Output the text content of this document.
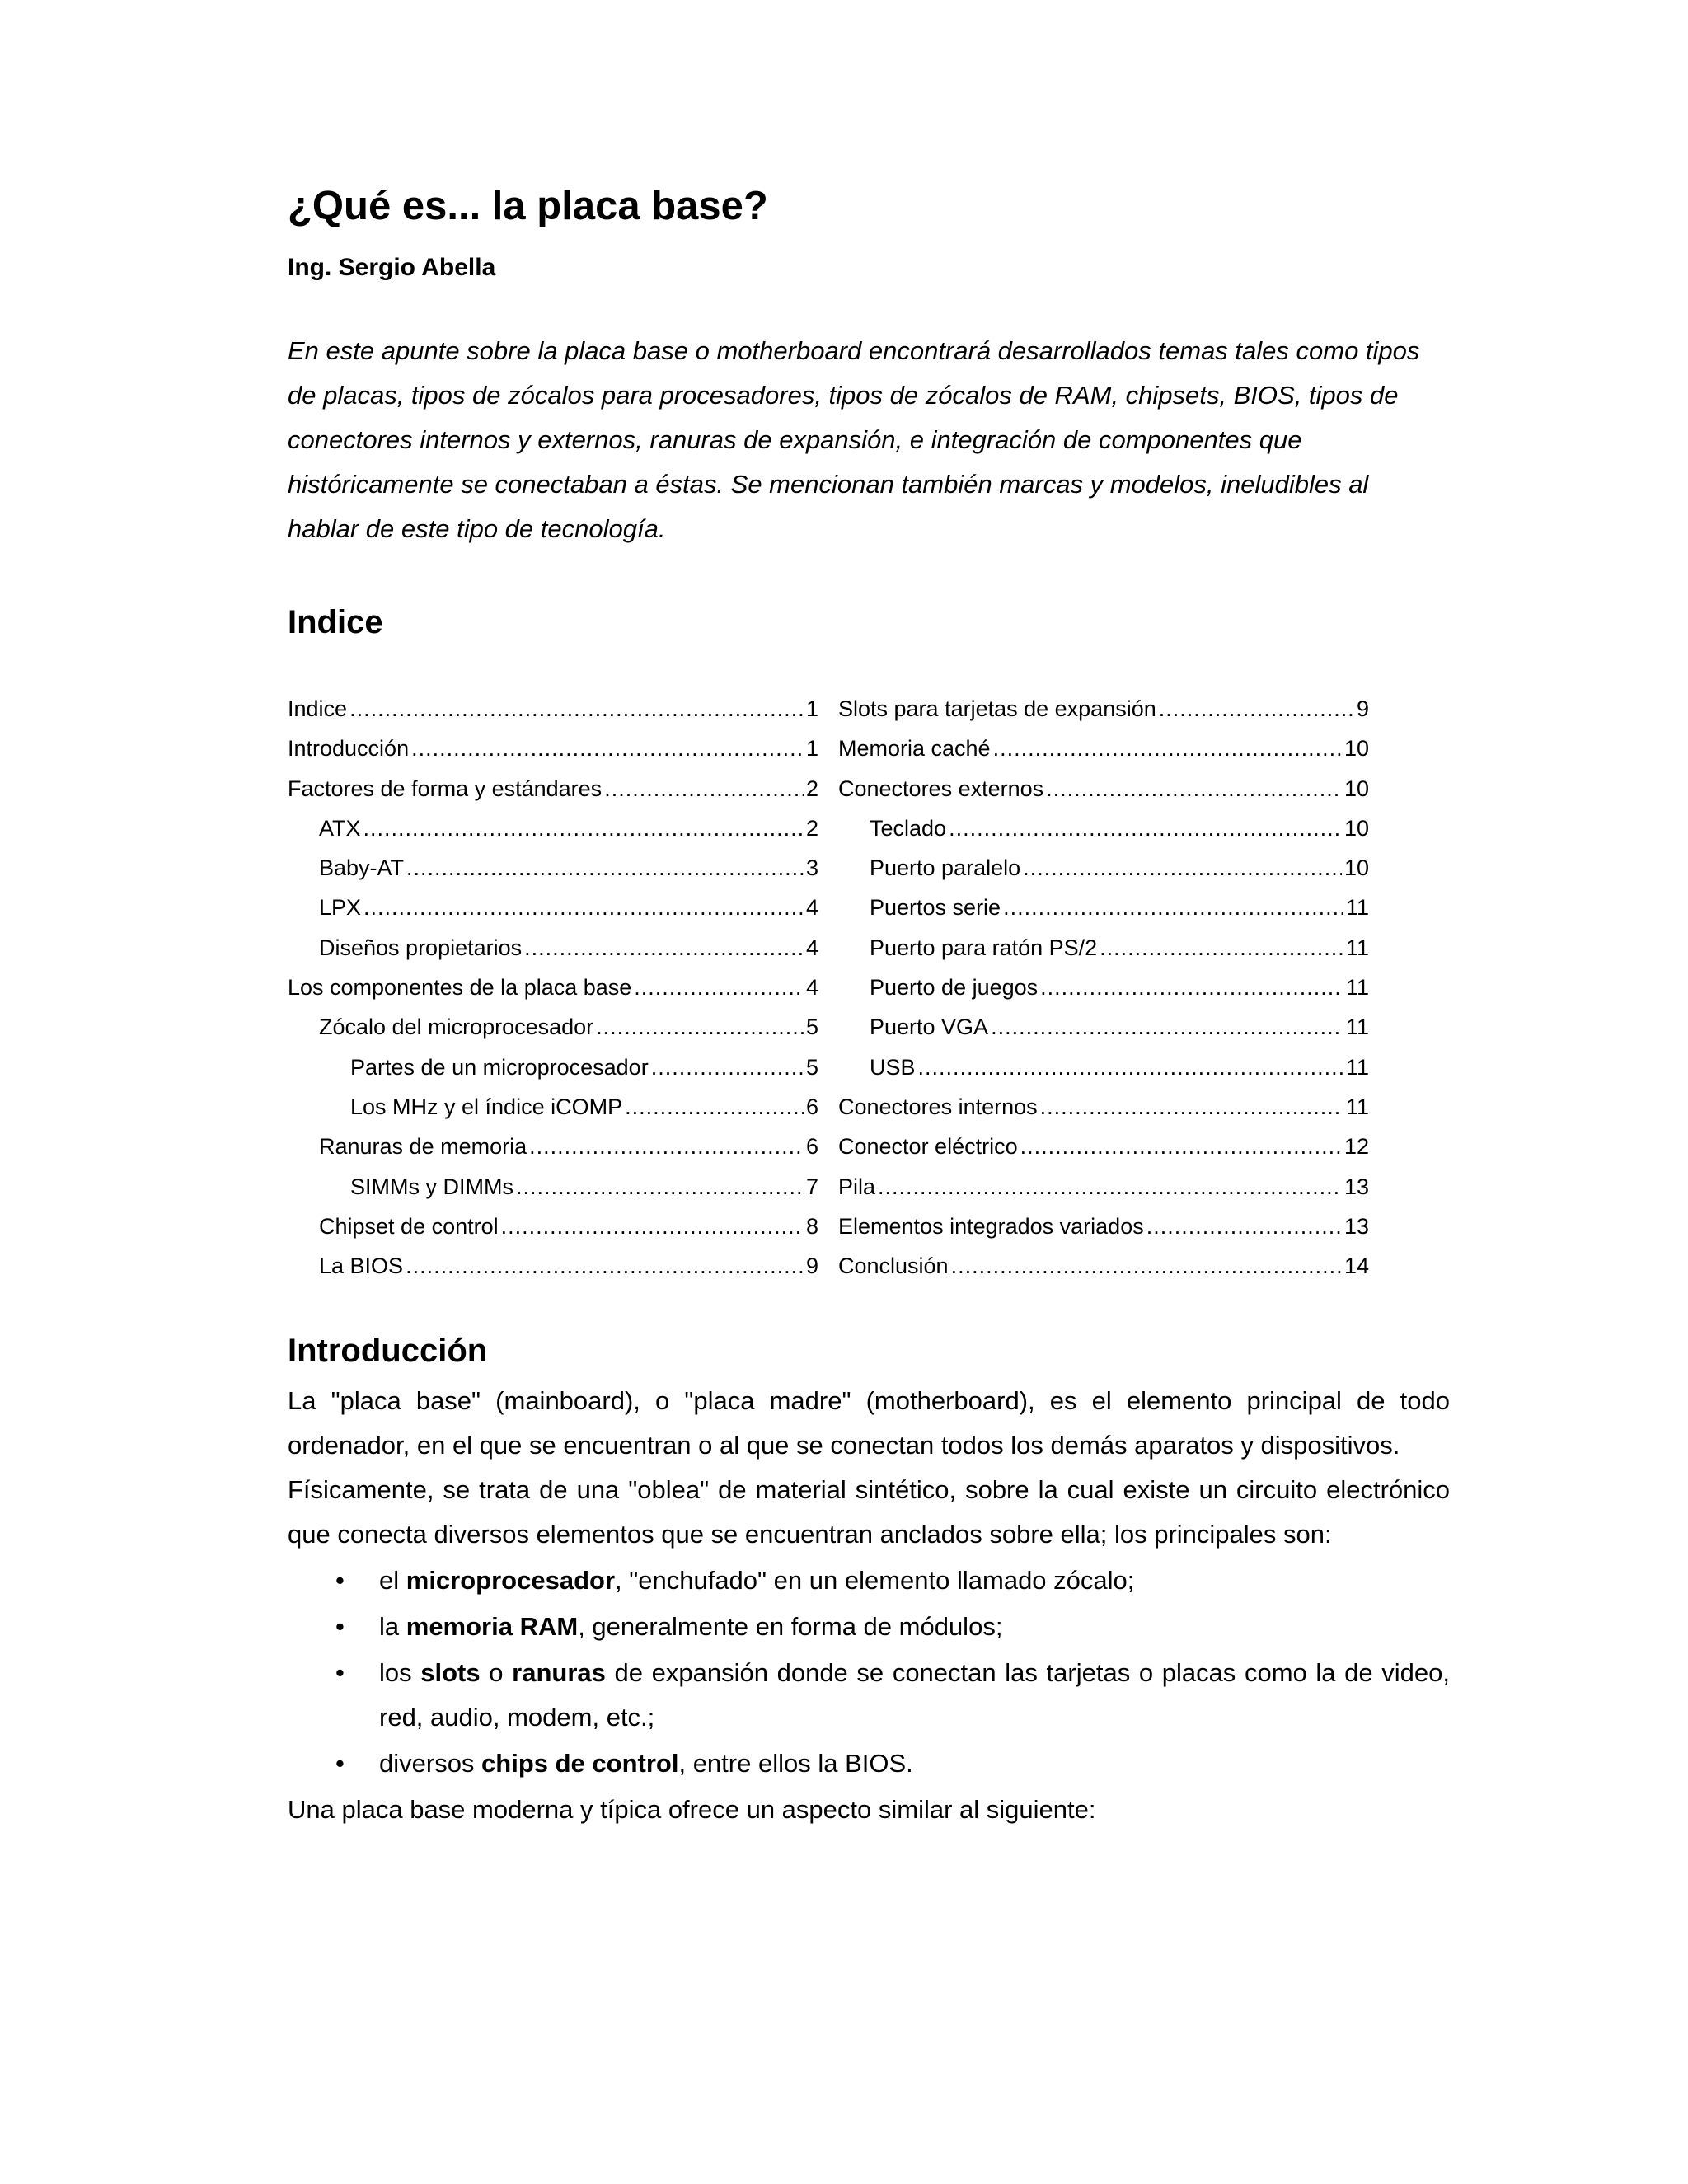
¿Qué es... la placa base?
Ing. Sergio Abella
En este apunte sobre la placa base o motherboard encontrará desarrollados temas tales como tipos de placas, tipos de zócalos para procesadores, tipos de zócalos de RAM, chipsets, BIOS, tipos de conectores internos y externos, ranuras de expansión, e integración de componentes que históricamente se conectaban a éstas. Se mencionan también marcas y modelos, ineludibles al hablar de este tipo de tecnología.
Indice
Indice .....	1
Introducción .....	1
Factores de forma y estándares .....	2
ATX .....	2
Baby-AT .....	3
LPX .....	4
Diseños propietarios .....	4
Los componentes de la placa base .....	4
Zócalo del microprocesador .....	5
Partes de un microprocesador .....	5
Los MHz y el índice iCOMP .....	6
Ranuras de memoria .....	6
SIMMs y DIMMs .....	7
Chipset de control .....	8
La BIOS .....	9
Slots para tarjetas de expansión .....	9
Memoria caché .....	10
Conectores externos .....	10
Teclado .....	10
Puerto paralelo .....	10
Puertos serie .....	11
Puerto para ratón PS/2 .....	11
Puerto de juegos .....	11
Puerto VGA .....	11
USB .....	11
Conectores internos .....	11
Conector eléctrico .....	12
Pila .....	13
Elementos integrados variados .....	13
Conclusión .....	14
Introducción
La "placa base" (mainboard), o "placa madre" (motherboard), es el elemento principal de todo ordenador, en el que se encuentran o al que se conectan todos los demás aparatos y dispositivos.
Físicamente, se trata de una "oblea" de material sintético, sobre la cual existe un circuito electrónico que conecta diversos elementos que se encuentran anclados sobre ella; los principales son:
• el microprocesador, "enchufado" en un elemento llamado zócalo;
• la memoria RAM, generalmente en forma de módulos;
• los slots o ranuras de expansión donde se conectan las tarjetas o placas como la de video, red, audio, modem, etc.;
• diversos chips de control, entre ellos la BIOS.
Una placa base moderna y típica ofrece un aspecto similar al siguiente:
